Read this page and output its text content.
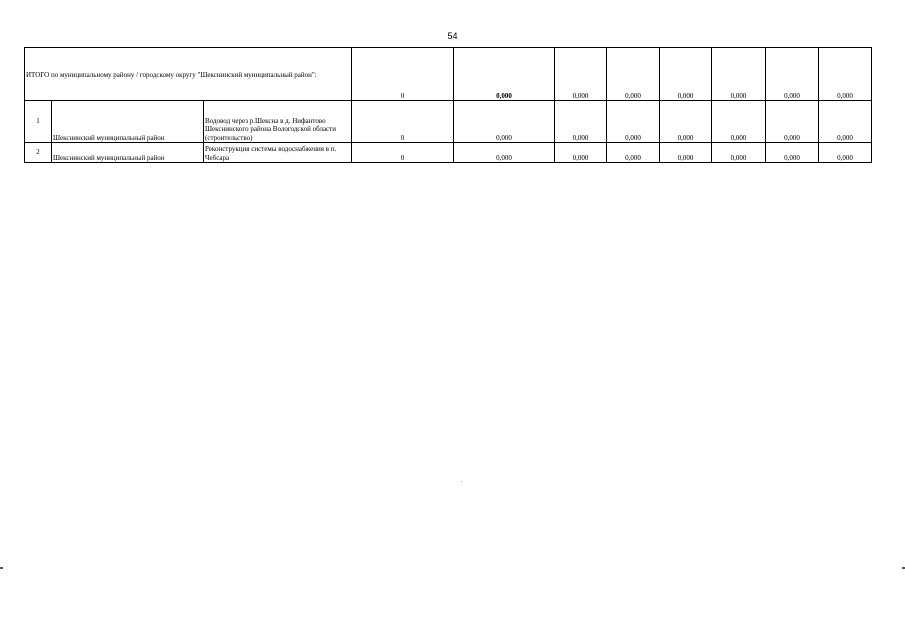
54
ИТОГО по муниципальному району / городскому округу "Шекснинский муниципальный район":			0	0,000	0,000	0,000	0,000	0,000	0,000	0,000
1	Шекснинский муниципальный район	Водовод через р.Шексна в д. Нифантово Шекснинского района Вологодской области (строительство)	0	0,000	0,000	0,000	0,000	0,000	0,000	0,000
2	Шекснинский муниципальный район	Реконструкция системы водоснабжения в п. Чебсара	0	0,000	0,000	0,000	0,000	0,000	0,000	0,000
